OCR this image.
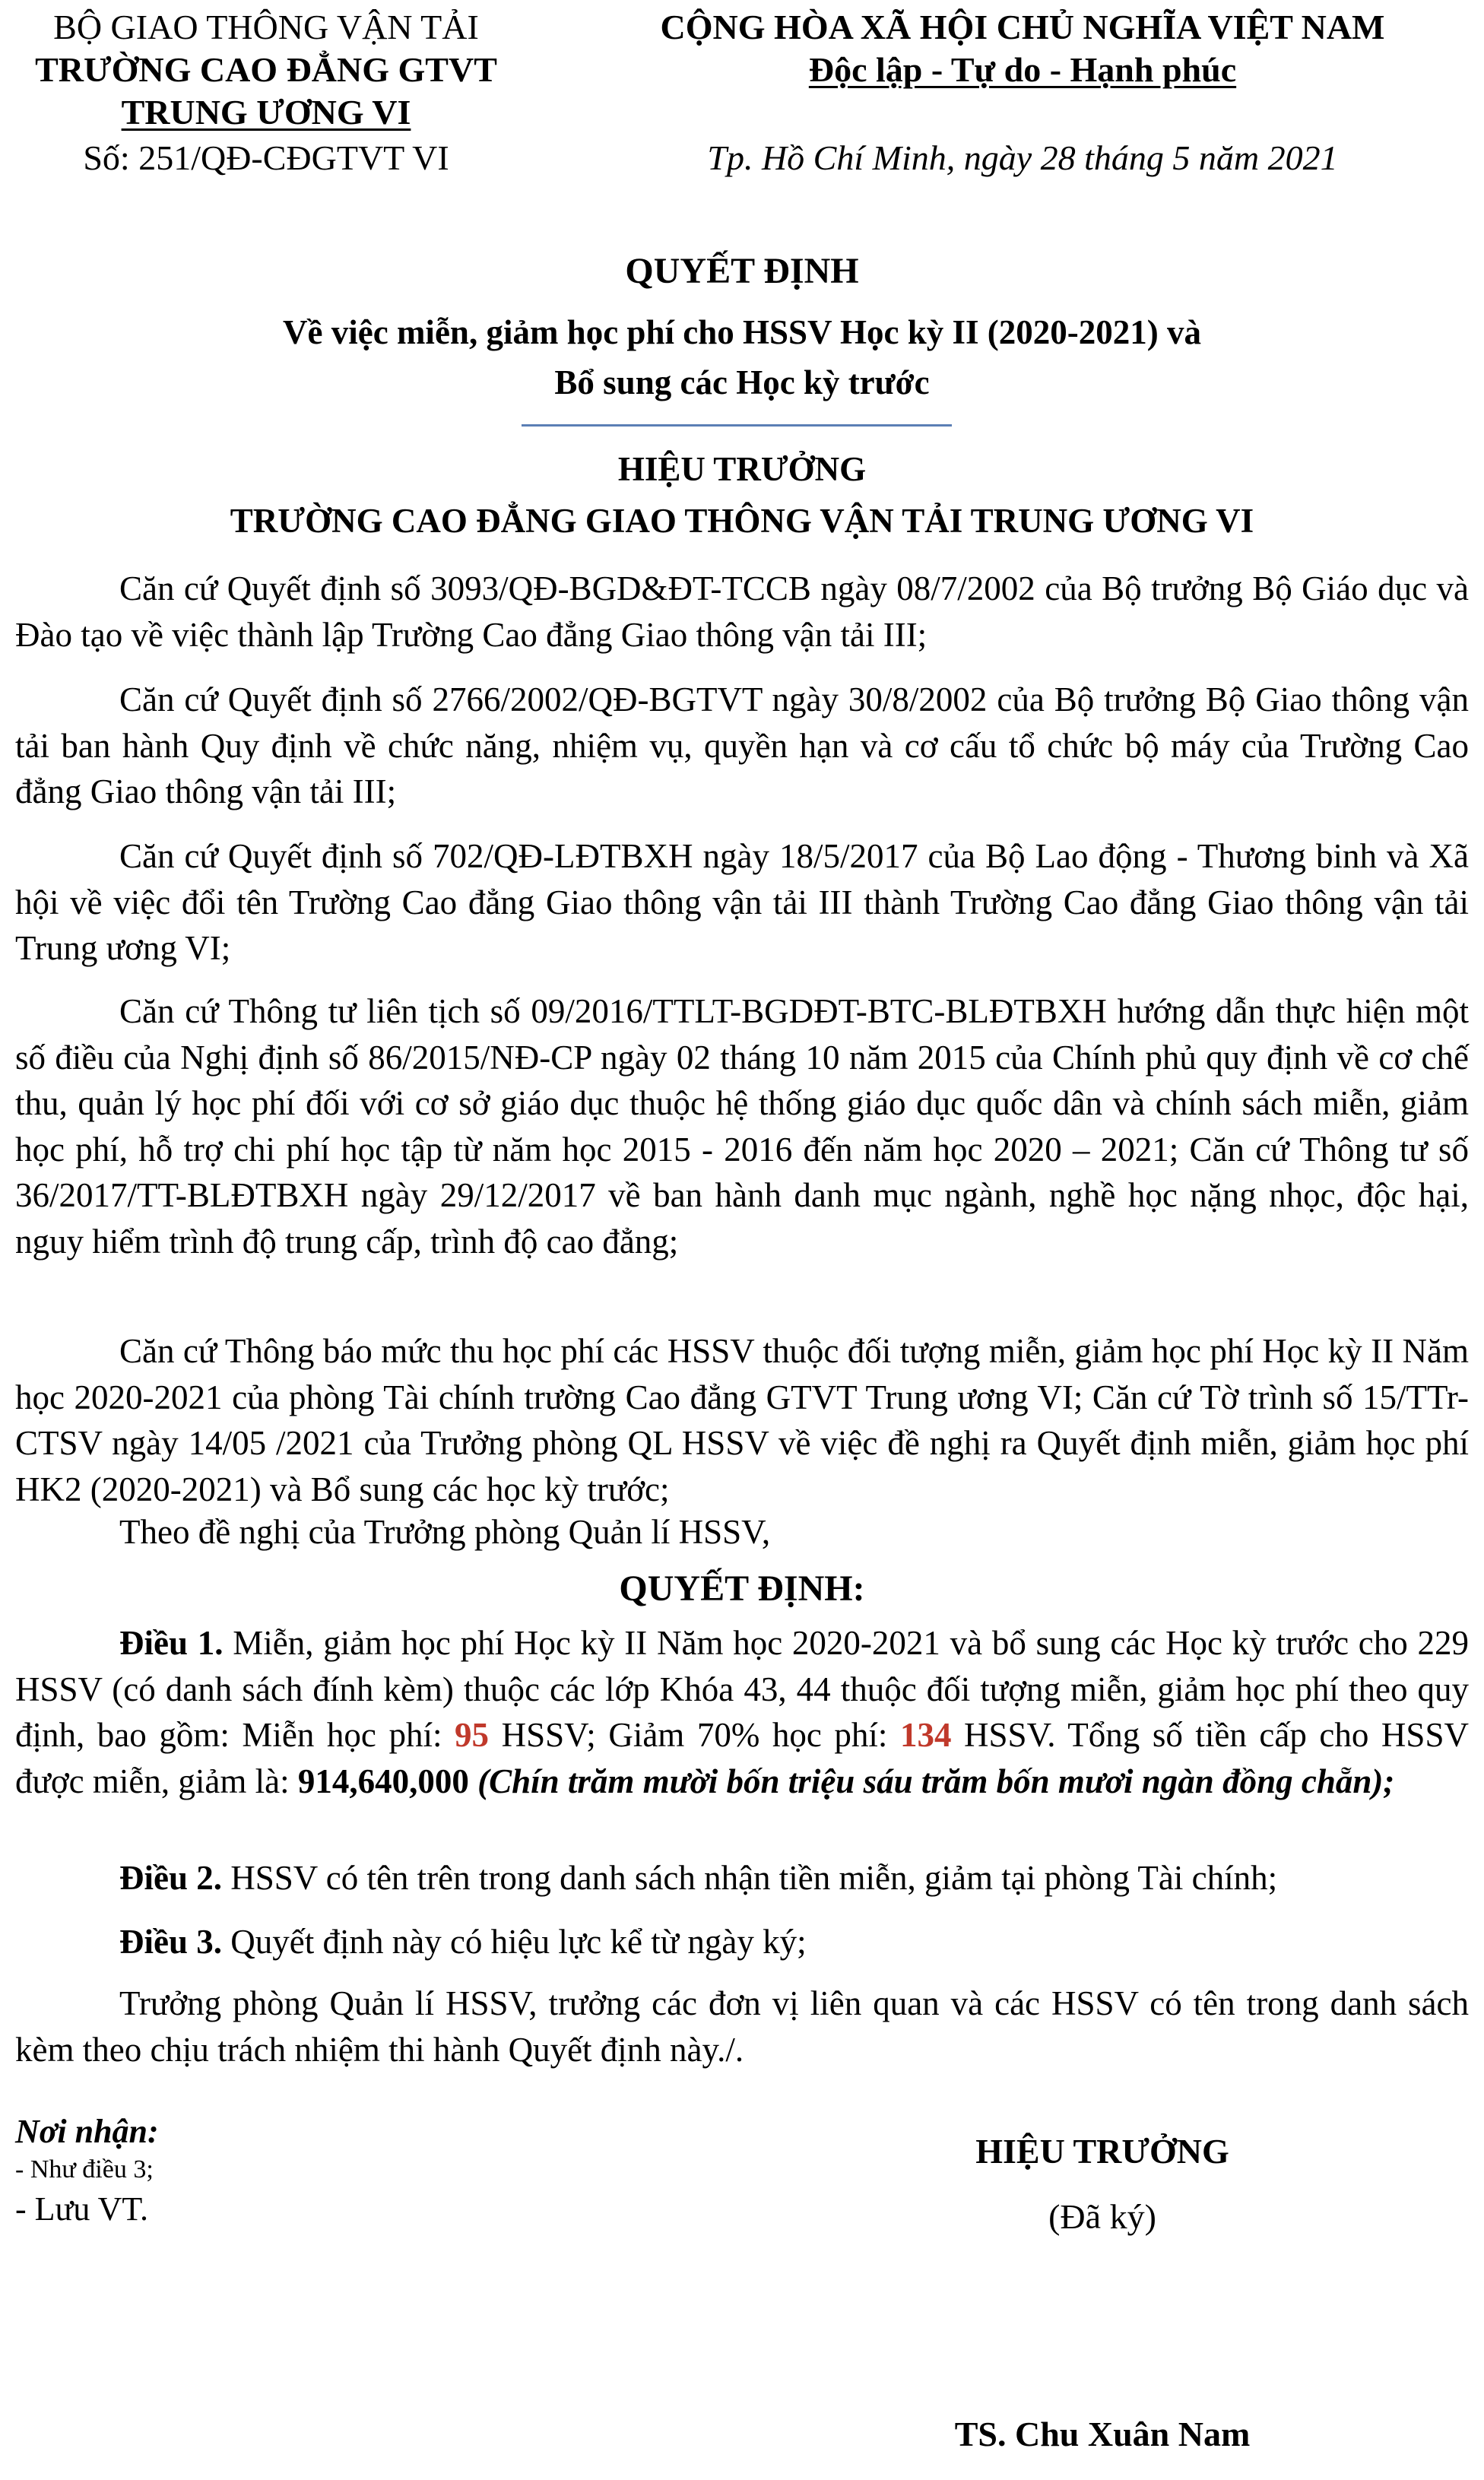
BỘ GIAO THÔNG VẬN TẢI
TRƯỜNG CAO ĐẲNG GTVT
TRUNG ƯƠNG VI
Số: 251/QĐ-CĐGTVT VI
CỘNG HÒA XÃ HỘI CHỦ NGHĨA VIỆT NAM
Độc lập - Tự do - Hạnh phúc
Tp. Hồ Chí Minh, ngày 28 tháng 5 năm 2021
QUYẾT ĐỊNH
Về việc miễn, giảm học phí cho HSSV Học kỳ II (2020-2021) và
Bổ sung các Học kỳ trước
HIỆU TRƯỞNG
TRƯỜNG CAO ĐẲNG GIAO THÔNG VẬN TẢI TRUNG ƯƠNG VI
Căn cứ Quyết định số 3093/QĐ-BGD&ĐT-TCCB ngày 08/7/2002 của Bộ trưởng Bộ Giáo dục và Đào tạo về việc thành lập Trường Cao đẳng Giao thông vận tải III;
Căn cứ Quyết định số 2766/2002/QĐ-BGTVT ngày 30/8/2002 của Bộ trưởng Bộ Giao thông vận tải ban hành Quy định về chức năng, nhiệm vụ, quyền hạn và cơ cấu tổ chức bộ máy của Trường Cao đẳng Giao thông vận tải III;
Căn cứ Quyết định số 702/QĐ-LĐTBXH ngày 18/5/2017 của Bộ Lao động - Thương binh và Xã hội về việc đổi tên Trường Cao đẳng Giao thông vận tải III thành Trường Cao đẳng Giao thông vận tải Trung ương VI;
Căn cứ Thông tư liên tịch số 09/2016/TTLT-BGDĐT-BTC-BLĐTBXH hướng dẫn thực hiện một số điều của Nghị định số 86/2015/NĐ-CP ngày 02 tháng 10 năm 2015 của Chính phủ quy định về cơ chế thu, quản lý học phí đối với cơ sở giáo dục thuộc hệ thống giáo dục quốc dân và chính sách miễn, giảm học phí, hỗ trợ chi phí học tập từ năm học 2015 - 2016 đến năm học 2020 – 2021; Căn cứ Thông tư số 36/2017/TT-BLĐTBXH ngày 29/12/2017 về ban hành danh mục ngành, nghề học nặng nhọc, độc hại, nguy hiểm trình độ trung cấp, trình độ cao đẳng;
Căn cứ Thông báo mức thu học phí các HSSV thuộc đối tượng miễn, giảm học phí Học kỳ II Năm học 2020-2021 của phòng Tài chính trường Cao đẳng GTVT Trung ương VI; Căn cứ Tờ trình số 15/TTr-CTSV ngày 14/05 /2021 của Trưởng phòng QL HSSV về việc đề nghị ra Quyết định miễn, giảm học phí HK2 (2020-2021) và Bổ sung các học kỳ trước;
Theo đề nghị của Trưởng phòng Quản lí HSSV,
QUYẾT ĐỊNH:
Điều 1. Miễn, giảm học phí Học kỳ II Năm học 2020-2021 và bổ sung các Học kỳ trước cho 229 HSSV (có danh sách đính kèm) thuộc các lớp Khóa 43, 44 thuộc đối tượng miễn, giảm học phí theo quy định, bao gồm: Miễn học phí: 95 HSSV; Giảm 70% học phí: 134 HSSV. Tổng số tiền cấp cho HSSV được miễn, giảm là: 914,640,000 (Chín trăm mười bốn triệu sáu trăm bốn mươi ngàn đồng chẵn);
Điều 2. HSSV có tên trên trong danh sách nhận tiền miễn, giảm tại phòng Tài chính;
Điều 3. Quyết định này có hiệu lực kể từ ngày ký;
Trưởng phòng Quản lí HSSV, trưởng các đơn vị liên quan và các HSSV có tên trong danh sách kèm theo chịu trách nhiệm thi hành Quyết định này./.
Nơi nhận:
- Như điều 3;
- Lưu VT.
HIỆU TRƯỞNG
(Đã ký)
TS. Chu Xuân Nam
